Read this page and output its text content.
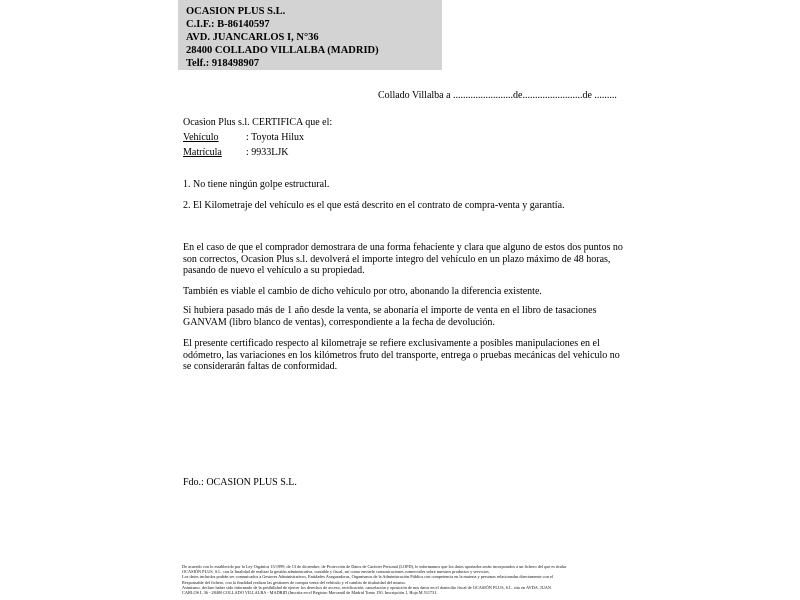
OCASION PLUS S.L.
C.I.F.: B-86140597
AVD. JUANCARLOS I, N°36
28400 COLLADO VILLALBA (MADRID)
Telf.: 918498907
Collado Villalba a ........................de........................de .........
Ocasion Plus s.l. CERTIFICA que el:
Vehículo	: Toyota Hilux
Matrícula : 9933LJK
1. No tiene ningún golpe estructural.
2. El Kilometraje del vehículo es el que está descrito en el contrato de compra-venta y garantía.
En el caso de que el comprador demostrara de una forma fehaciente y clara que alguno de estos dos puntos no son correctos, Ocasion Plus s.l. devolverá el importe integro del vehículo en un plazo máximo de 48 horas, pasando de nuevo el vehículo a su propiedad.
También es viable el cambio de dicho vehiculo por otro, abonando la diferencia existente.
Si hubiera pasado más de 1 año desde la venta, se abonaría el importe de venta en el libro de tasaciones GANVAM (libro blanco de ventas), correspondiente a la fecha de devolución.
El presente certificado respecto al kilometraje se refiere exclusivamente a posibles manipulaciones en el odómetro, las variaciones en los kilómetros fruto del transporte, entrega o pruebas mecánicas del vehiculo no se considerarán faltas de conformidad.
Fdo.: OCASION PLUS S.L.
De acuerdo con lo establecido por la Ley Orgánica 15/1999, de 13 de diciembre, de Protección de Datos de Carácter Personal (LOPD), le informamos que los datos aportados serán incorporados a un fichero del que es titular
OCASIÓN PLUS, S.L. con la finalidad de realizar la gestión administrativa, contable y fiscal, así como enviarle comunicaciones comerciales sobre nuestros productos y servicios.
Los datos incluidos podrán ser comunicados a Gestores Administrativos, Entidades Aseguradoras, Organismos de la Administración Pública con competencia en la materia y personas relacionadas directamente con el
Responsable del fichero, con la finalidad realizar las gestiones de compra venta del vehículo y el cambio de titularidad del mismo.
Asimismo, declaro haber sido informado de la posibilidad de ejercer los derechos de acceso, rectificación, cancelación y oposición de mis datos en el domicilio fiscal de OCASIÓN PLUS, S.L. sito en AVDA. JUAN
CARLOS I, 36 - 28400 COLLADO VILLALBA - MADRID (Inscrita en el Registro Mercantil de Madrid Tomo 150, Inscripción 1, Hoja M 511731.
